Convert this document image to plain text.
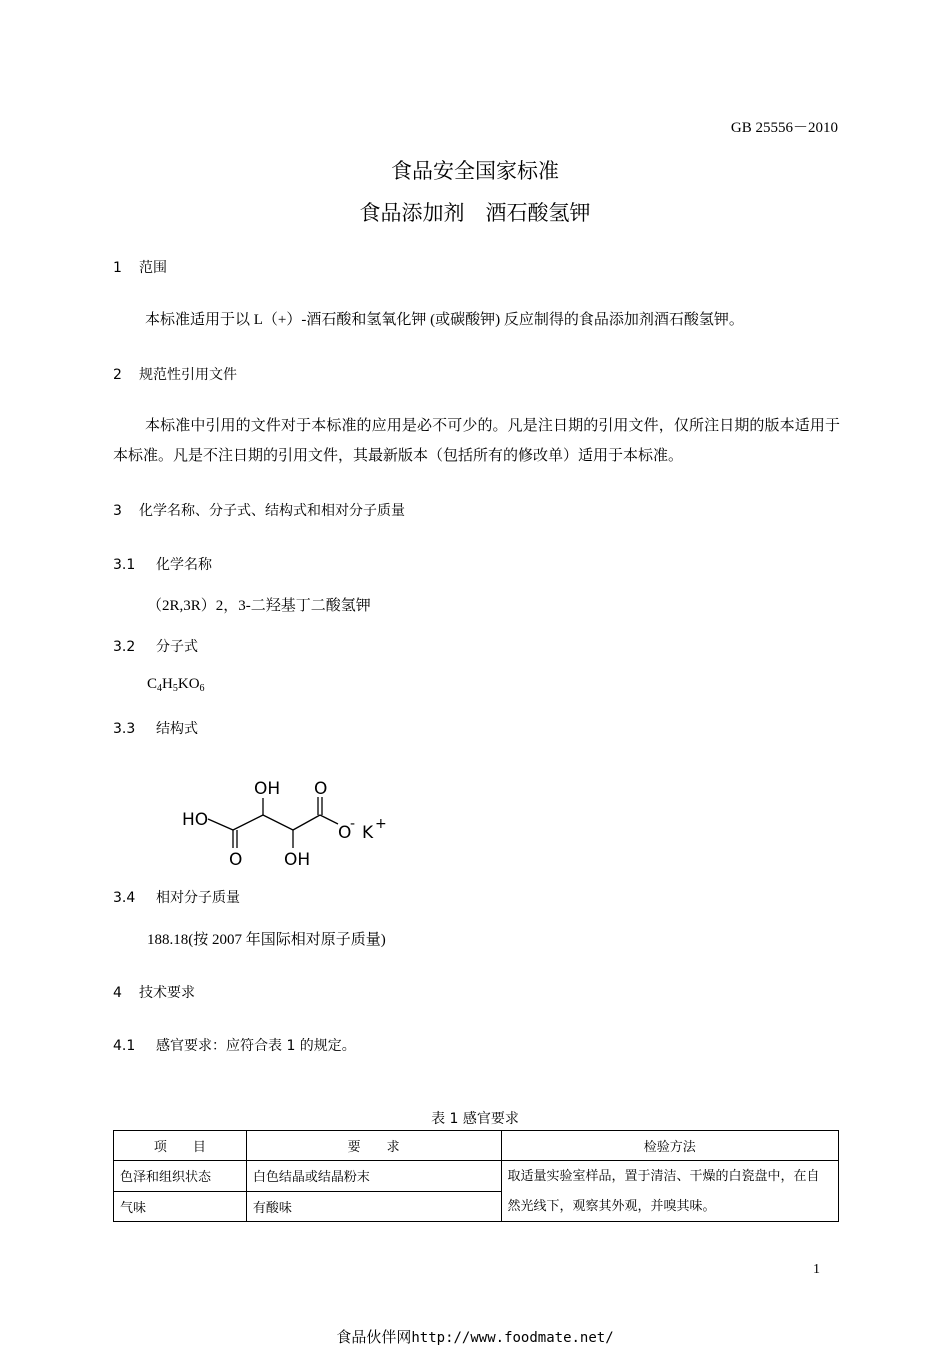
GB 25556－2010
食品安全国家标准
食品添加剂　酒石酸氢钾
1 范围
本标准适用于以 L（+）-酒石酸和氢氧化钾 (或碳酸钾) 反应制得的食品添加剂酒石酸氢钾。
2 规范性引用文件
本标准中引用的文件对于本标准的应用是必不可少的。凡是注日期的引用文件，仅所注日期的版本适用于本标准。凡是不注日期的引用文件，其最新版本（包括所有的修改单）适用于本标准。
3 化学名称、分子式、结构式和相对分子质量
3.1 化学名称
（2R,3R）2，3-二羟基丁二酸氢钾
3.2 分子式
$C_4H_5KO_6$
3.3 结构式
HO
OH
O OH
O
O
- K +
3.4 相对分子质量
188.18(按 2007 年国际相对原子质量)
4 技术要求
4.1 感官要求：应符合表 1 的规定。
表 1 感官要求
项　　目	要　　求	检验方法
色泽和组织状态	白色结晶或结晶粉末	取适量实验室样品，置于清洁、干燥的白瓷盘中，在自然光线下，观察其外观，并嗅其味。
气味	有酸味	
1
食品伙伴网http://www.foodmate.net/
